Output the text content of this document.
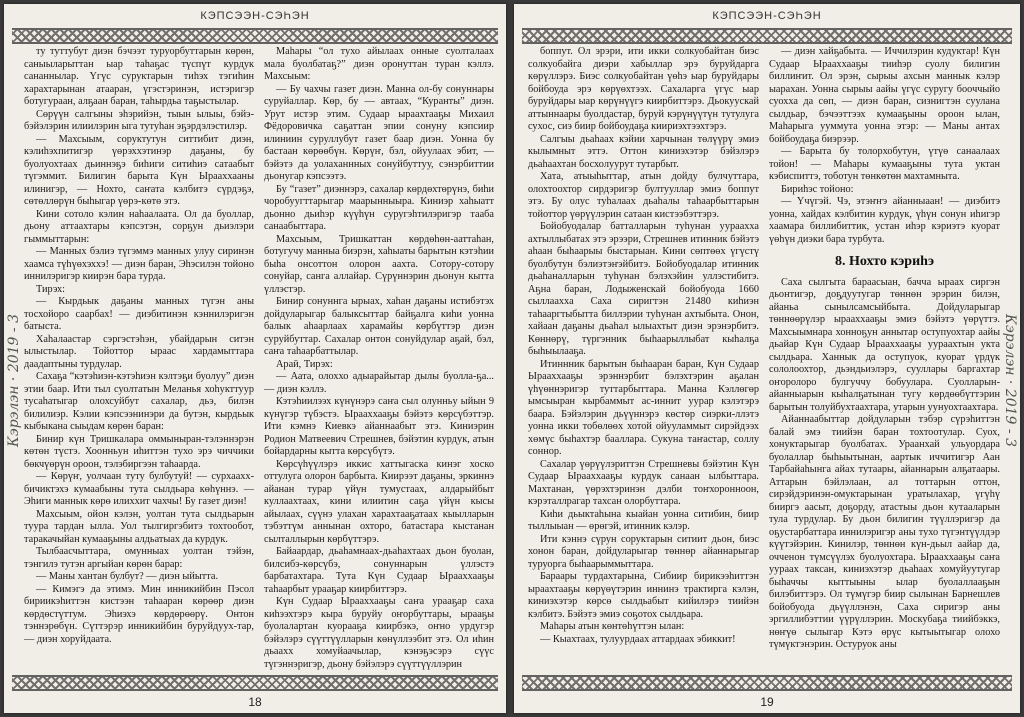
КЭПСЭЭН-СЭҺЭН
Кэрэлэн · 2019 - 3

ту туттубут диэн бэчээт туруорбуттарын көрөн, саныыларыттан ыар таһаҕас түспүт курдук сананнылар. Үгүс суруктарын тиһэх тэгиһин харахтарынан атааран, үгэстэринэн, истэригэр ботугураан, алҕаан баран, таһырдьа таҕыстылар.

Сөрүүн салгыны эһэрийэн, тыын ылыы, бэйэ-бэйэлэрин илиилэрин ыга тутуһан эҕэрдэлэстилэр.

— Махсыым, соруктутун ситтибит диэн, кэлиһэхпитигэр үөрэххэтинэр даҕаны, бу буолуохтаах дьиннэҕэ биһиги ситиһиэ сатаабыт түгэммит. Билигин барыта Күн Ырааххааны илинигэр, — Нохто, саҥата кэлбитэ сүрдэҕэ, сөтөллөрүн быһыгар үөрэ-көтө этэ.

Кини сотоло кэлин наһаалаата. Ол да буоллар, дьону аттаахтары кэпсэтэн, сорҕун дьиэлэри гыммыттарын:

— Манных бэлиэ түгэммэ манных улуу сиринэн хаамса түһүөхэххэ! — диэн баран, Эһэсилэн тойоно иннилэригэр киирэн бара турда.

Тирэх:

— Кырдьык даҕаны манных түгэн аны тосхойоро саарбах! — диэбитинэн кэннилэригэн батыста.

Хаһалаастар сэргэстэһэн, убайдарын ситэн ылыстылар. Тойоттор ыраас хардамыттара даадаптыны турдулар.

Сахаҕа “кэтэһиэн-кэтэһиэн кэлтэҕи буолуу” диэн этии баар. Ити тыл суолтатын Меланья хоһукттуур тусаһатыгар олохсуйбут сахалар, дьэ, билэн билилиэр. Кэлии кэпсээнинэри да бутэн, кырдьык кыбыкана сыыдам көрөн баран:

Бинир күн Тришкалара оммыныран-тэлэннэрэн көтөн түстэ. Хоонньун иһиттэн тухо эрэ чиччики бөкчүөрүн ороон, тэлэбиргээн таһаарда.

— Көрүҥ, уолчаан туту булбутуй! — сурхаахх-бичиктэхэ кумаабыны тута сылдьара көһүннэ. — Эһиги маннык көрө илиххит чахчы! Бу газет диэн!

Махсыым, ойон кэлэн, уолтан тута сылдьарын туура тардан ылла. Уол тылгиргэбитэ тохтообот, таракачыйан кумааҕыны алдьатыах да курдук.

Тылбаасчыттара, омунныах уолтан тэйэн, тэнгилэ тутэн аргыйан көрөн барар:

— Маны хантан булбут? — диэн ыйытта.

— Кимэгэ да этимэ. Мин инникийбин Пэсол бириикэһиттэн кистээн таһааран көрөөр диэн көрдөстүттум. Эһиэхэ көрдөрөөрү. Онтон тэннэрөбүн. Сүттэрэр инникийбин буруйдуух-тар, — диэн хоруйдаата.

Маһары “ол тухо айылаах онные суолталаах мала буолбатаҕ?” диэн оронуттан туран кэллэ. Махсыым:

— Бу чахчы газет диэн. Манна ол-бу сонуннары суруйаллар. Көр, бу — автаах, “Куранты” диэн. Урут истэр этим. Судаар ыраахтааҕы Михаил Фёдоровичка саҕаттан эпии сонуну кэпсиир илиниин суруллубут газет баар диэн. Уонна бу бастаан көрөөбүн. Көрүҥ, бэл, ойуулаах эбит, — бэйэтэ да уолаханнных сонуйбуттуу, сэнэрбиттии дьонугар кэпсээтэ.

Бу “газет” диэннэрэ, сахалар көрдөхтөрүнэ, биһи чоробуугттарыгар маарынныыра. Киниэр хаһыатт дьонно дьиһэр күүһүн суругэһтилэригэр тааба санаабыттара.

Махсыым, Тришкаттан көрдөһөн-ааттаһан, ботугучу манныа биэрэн, хаһыаты барытын кэтэһии быһа онсоттон олорон аахта. Сотору-сотору сонуйар, санга аллайар. Сүрүннэрин дьонун кытта үллэстэр.

Бинир сонуннга ырыах, хаһан даҕаны истибэтэх дойдуларыгар балыксыттар байҕалга киһи уонна балык аһаарлаах харамайы көрбүттэр диэн суруйбуттар. Сахалар онтон сонуйдулар аҕай, бэл, саҥа таһаарбаттылар.

Араӣ, Тирэх:

— Аата, олоххо адыарайытар дылы буолла-ҕа... — диэн кэллэ.

Кэтэһиилээх күнүнэрэ саҥа сыл олунньу ыйын 9 күнүгэр түбэстэ. Ырааххааҕы бэйэтэ көрсүбэттэр. Ити кэмнэ Киевкэ айаннаабыт этэ. Киниэрин Родион Матвеевич Стрешнев, бэйэтин курдук, атын бойардарны кытта көрсүбүтэ.

Көрсүһүүлэрэ иккис хаттыгаска кинэг хоско оттулуга олорон барбыта. Киирээт даҕаны, эркиннэ айанан турар үйүн тумустаах, алдарыйбыт куллаахтаах, кини илиитин саҕа үйүн кысы айылаах, сүүнэ улахан харахтааҕатаах кыылларын тэбэттүм аннынан охторо, батастара кыстанан сылталлырын көрбүттэрэ.

Байаардар, дьаһамнаах-дьаһахтаах дьон буолан, билсибэ-көрсүбэ, сонуннарын үллэстэ барбатахтара. Тута Күн Судаар Ырааххааҕы таһаарбыт урааҕар киирбиттэрэ.

Күн Судаар Ырааххааҕы саҥа урааҕар саха киһээхтэрэ кыра буруйу оҥорбуттары, ырааҕы буолалартан куорааҕа киирбэкэ, оҥно урдугэр бэйэлэрэ сүүттүүлларын көнүллээбит этэ. Ол иһин дьаахх хомуйаачылар, кэнэҕэсэрэ сүүс түгэннэригэр, дьону бэйэлэрэ сүүттүүллэрин

18
КЭПСЭЭН-СЭҺЭН
Кэрэлэн · 2019 - 3

боппут. Ол эрэри, ити икки солкуобайтан биэс солкуобайга диэри хабыллар эрэ буруйдарга көрүллэрэ. Биэс солкуобайтан үөһэ ыар буруйдары бойбоуда эрэ көрүөхтээх. Сахаларга үгүс ыар буруйдары ыар көрүнүүгэ киирбиттэрэ. Дьокуускай аттыннаары буолдастар, буруй кэрүнүүтүн тутулуга сухос, сиэ биир бойбоудаҕа киириэхтээхтэрэ.

Салгыы дьаһаах кэйии харчынан төлүүрү эмиэ кылымныт эттэ. Оттон киниэхэтэр бэйэлэрэ дьаһаахтан босхолуурут тутарбыт.

Хата, атыыһыттар, атын дойду булчуттара, олохтоохтор сирдэригэр бултууллар эмиэ боппут этэ. Бу олус туһалаах дьаһалы таһаарбыттарын тойоттор үөрүүлэрин сатаан кистээбэттэрэ.

Бойобуодалар батталларын туһунан уураахха ахтыллыбатах этэ эрээри, Стрешнев итинник бэйэтэ аһаан быһаарыы быстарыан. Кини сөптөөх үгүстү буолбутун бэлиэтэҥэйбитэ. Бойобуодалар итинник дьаһаналларын туһунан бэлэхэйин уллэстибитэ. Аҕна баран, Лодыженскай бойобуода 1660 сыллаахха Саха сиригтэн 21480 киһиэн таһааргтыбытта биллэрии туһунан ахтыбыта. Онон, хайаан даҕаны дьаһал ылыахтыт диэн эрэнэрбитэ. Көннөрү, түргэнник быһаарыллыбат кыһалҕа быһыылааҕа.

Итиннник барытын быһааран баран, Күн Судаар Ырааххааҕы эрэннэрбит бэлэхтэрин аҕалан үһүөннэригэр туттарбыттара. Манна Кэллөгөр ымсыыран кырбаммыт ас-иннит уурар кэлэтэрэ баара. Бэйэлэрин дьүүннэрэ көстөр сиэрки-ллэтэ уонна икки тобөлөөх хотой ойууламмыт сирэйдээх хөмүс быһахтэр бааллара. Сукуна таҥастар, соллу соннор.

Сахалар үөрүүлэриттэн Стрешневы бэйэтин Күн Судаар Ырааххааҕы курдук санаан ылбыттара. Махтанан, үөрэхтэринэн дэлби тоҥхоронноон, кэрэталлрагар тахсан олорбуттара.

Киһи дьыктаһына кыайан уонна ситибин, биир тыллыыан — өрөгэй, итинник кэлэр.

Ити кэннэ сүрун соруктарын ситиит дьон, биэс хонон баран, дойдуларыгар төннөр айаннарыгар туруорга быһаарыммыттара.

Бараары турдахтарына, Сибиир бирикээһиттэн ыраахтааҕы көрүөүтэрин иннинэ трактирга кэлэн, киниэхэтэр көрсө сылдьабыт кийилэрэ тиийэн кэлбитэ. Бэйэтэ эмиэ соҕотох сылдьара.

Маһары атын көнтөһүттэн ылан:

— Кыахтаах, тулуурдаах аттардаах эбиккит!

— диэн хайҕабыта. — Иччилэрин кудуктар! Күн Судаар Ырааххааҕы тииһэр суолу билигин биллиҥит. Ол эрэн, сырыы ахсын маннык кэлэр ыарахан. Уонна сырыы аайы үгүс суругу бооччыйо суохха да сөп, — диэн баран, сизнигтэн суулана сылдьар, бэчээттээх кумааҕыны ороон ылан, Маһарыга ууммута уонна этэр: — Маны антах бойбоудаҕа биэрээр.

— Барыта бу толорхобутун, үтүө санаалаах тойон! — Маһары кумааҕыны тута уктан кэбиспиттэ, тоботун төнкөтөн махтамныта.

Бириһэс тойоно:

— Үчүгэй. Чэ, этэҥҥэ айанныаан! — диэбитэ уонна, хайдах кэлбитин курдук, үһүн сонун иһигэр хаамара биллибиттик, устан иһэр кэриэтэ куорат үөһүн диэки бара турбута.

8. Нохто кэриһэ

Саха сылгыта бараасыан, бачча ыраах сиргэн дьонтигэр, доҕдуутугар төннөн эрэрин билэн, айаньа сынылсамсыйбыта. Дойдуларыгар төннөөрүлэр ырааххааҕы эмиэ бэйэтэ үөрүттэ. Махсыымнара хонноҕун аннытар оступуохтар аайы дьайар Күн Судаар Ырааххааҕы уураахтын укта сылдьара. Ханнык да оступуок, куорат үрдүк сололоохтор, дьэндьиэлэрэ, сууллары баргахтар оҥоролоро булгуччу бобуулара. Суолларын-айанныарын кыһалҕатынан тугу көрдөөбүттэрин барытын толуйбухтаахтара, утарын уунуохтаахтара.

Айаннаабыттар дойдуларын тэбэр сүрэһиттэн балай эмэ тиийэн баран тохтоотулар. Суох, хонуктарыгар буолбатах. Ураанхай ульуордара буолаллар быһыытынан, аартык иччитигэр Аан Тарбайаһынга айах тутаары, айаннарын алҕатаары. Аттарын бэйлэлаан, ал тоттарын оттон, сирэйдэринэн-омуктарынан уратылахар, үгүһү бииргэ аасыт, доҕорду, атастыы дьон кутааларын тула турдулар. Бу дьон билигин түүллэригэр да оҕустарбаттара иннилэригэр аны тухо түгэнтүүлдэр күүтэйэрин. Кинилэр, төннөн күн-дьыл аайар да, очченон түмсүүлэх буолуохтара. Ырааххааҕы саҥа уураах таксан, киниэхэтэр дьаһаах хомуйуутугар быһаччы кыттыыны ылар буолаллааҕын билэбиттэрэ. Ол түмүгэр биир сылынан Барнешлев бойобуода дьүүллэнэн, Саха сиригэр аны эргиллибэттии үүрүллэрин. Москубаҕа тиийбэккэ, нөҥүө сылыгар Кэтэ өрүс кытыытыгар олохо түмүктэнэрин. Остуруок аны

19
